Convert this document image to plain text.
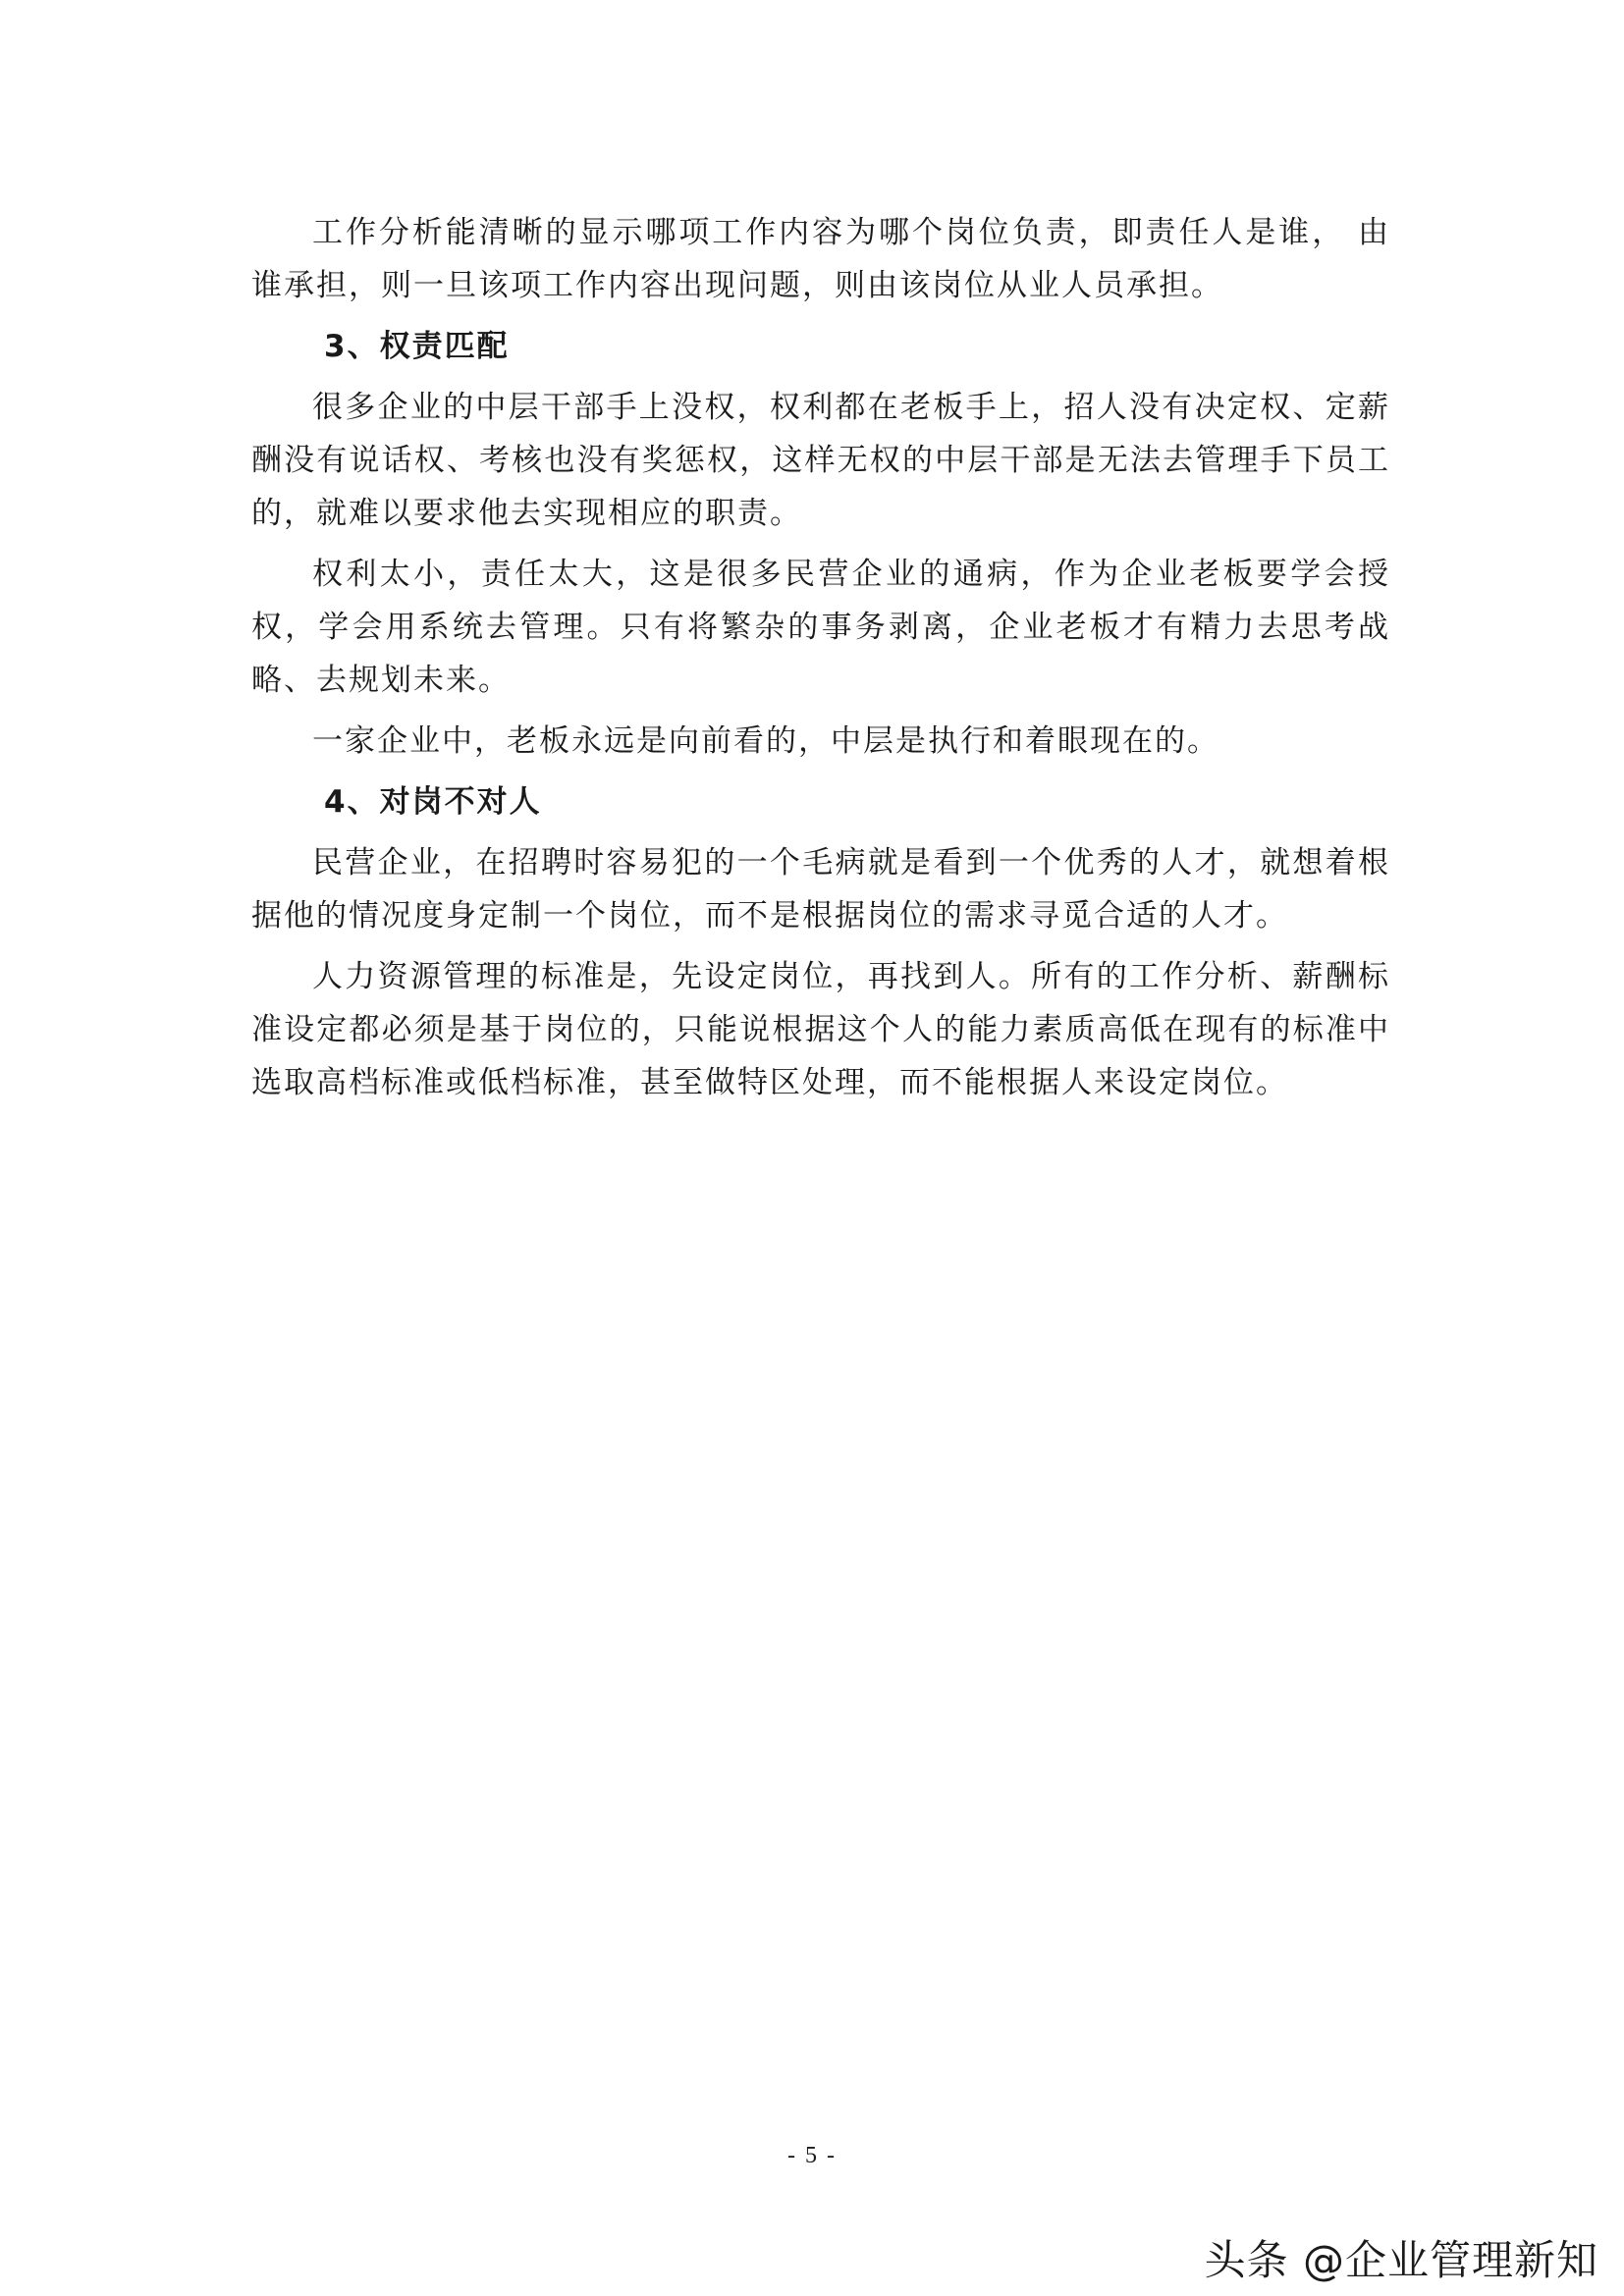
工作分析能清晰的显示哪项工作内容为哪个岗位负责，即责任人是谁， 由谁承担，则一旦该项工作内容出现问题，则由该岗位从业人员承担。

3、权责匹配

很多企业的中层干部手上没权，权利都在老板手上，招人没有决定权、定薪酬没有说话权、考核也没有奖惩权，这样无权的中层干部是无法去管理手下员工的，就难以要求他去实现相应的职责。

权利太小，责任太大，这是很多民营企业的通病，作为企业老板要学会授权，学会用系统去管理。只有将繁杂的事务剥离，企业老板才有精力去思考战略、去规划未来。

一家企业中，老板永远是向前看的，中层是执行和着眼现在的。

4、对岗不对人

民营企业，在招聘时容易犯的一个毛病就是看到一个优秀的人才，就想着根据他的情况度身定制一个岗位，而不是根据岗位的需求寻觅合适的人才。

人力资源管理的标准是，先设定岗位，再找到人。所有的工作分析、薪酬标准设定都必须是基于岗位的，只能说根据这个人的能力素质高低在现有的标准中选取高档标准或低档标准，甚至做特区处理，而不能根据人来设定岗位。

- 5 -
头条 @企业管理新知
